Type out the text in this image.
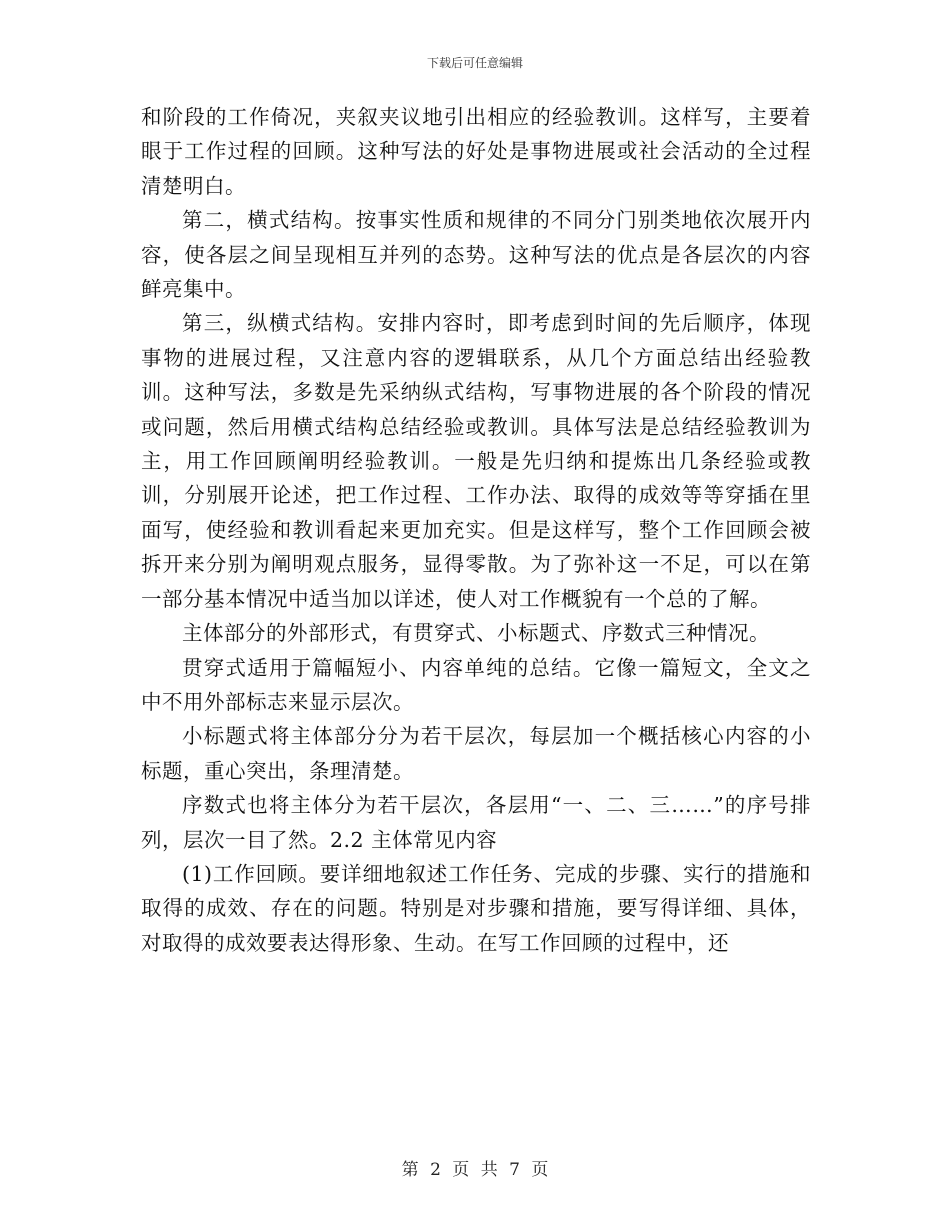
下载后可任意编辑

和阶段的工作倚况，夹叙夹议地引出相应的经验教训。这样写，主要着眼于工作过程的回顾。这种写法的好处是事物进展或社会活动的全过程清楚明白。

第二，横式结构。按事实性质和规律的不同分门别类地依次展开内容，使各层之间呈现相互并列的态势。这种写法的优点是各层次的内容鲜亮集中。

第三，纵横式结构。安排内容时，即考虑到时间的先后顺序，体现事物的进展过程，又注意内容的逻辑联系，从几个方面总结出经验教训。这种写法，多数是先采纳纵式结构，写事物进展的各个阶段的情况或问题，然后用横式结构总结经验或教训。具体写法是总结经验教训为主，用工作回顾阐明经验教训。一般是先归纳和提炼出几条经验或教训，分别展开论述，把工作过程、工作办法、取得的成效等等穿插在里面写，使经验和教训看起来更加充实。但是这样写，整个工作回顾会被拆开来分别为阐明观点服务，显得零散。为了弥补这一不足，可以在第一部分基本情况中适当加以详述，使人对工作概貌有一个总的了解。

主体部分的外部形式，有贯穿式、小标题式、序数式三种情况。

贯穿式适用于篇幅短小、内容单纯的总结。它像一篇短文，全文之中不用外部标志来显示层次。

小标题式将主体部分分为若干层次，每层加一个概括核心内容的小标题，重心突出，条理清楚。

序数式也将主体分为若干层次，各层用“一、二、三……”的序号排列，层次一目了然。2.2 主体常见内容

(1)工作回顾。要详细地叙述工作任务、完成的步骤、实行的措施和取得的成效、存在的问题。特别是对步骤和措施，要写得详细、具体，对取得的成效要表达得形象、生动。在写工作回顾的过程中，还

第 2 页 共 7 页
